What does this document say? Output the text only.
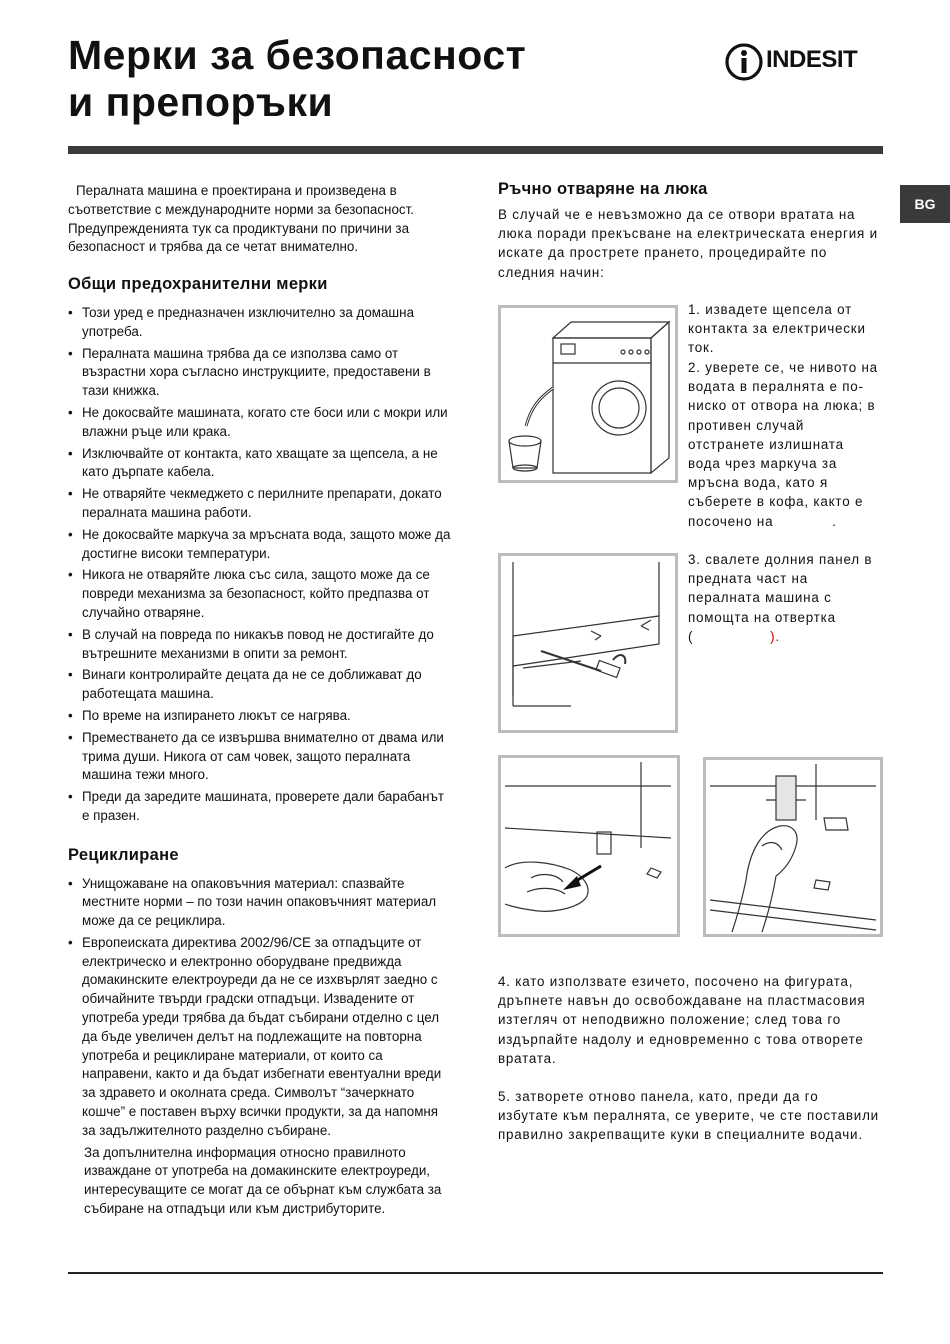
Мерки за безопасност
и препоръки
INDESIT
BG

Пералната машина е проектирана и произведена в съответствие с международните норми за безопасност. Предупрежденията тук са продиктувани по причини за безопасност и трябва да се четат внимателно.

Общи предохранителни мерки
• Този уред е предназначен изключително за домашна употреба.
• Пералната машина трябва да се използва само от възрастни хора съгласно инструкциите, предоставени в тази книжка.
• Не докосвайте машината, когато сте боси или с мокри или влажни ръце или крака.
• Изключвайте от контакта, като хващате за щепсела, а не като дърпате кабела.
• Не отваряйте чекмеджето с перилните препарати, докато пералната машина работи.
• Не докосвайте маркуча за мръсната вода, защото може да достигне високи температури.
• Никога не отваряйте люка със сила, защото може да се повреди механизма за безопасност, който предпазва от случайно отваряне.
• В случай на повреда по никакъв повод не достигайте до вътрешните механизми в опити за ремонт.
• Винаги контролирайте децата да не се доближават до работещата машина.
• По време на изпирането люкът се нагрява.
• Преместването да се извършва внимателно от двама или трима души. Никога от сам човек, защото пералната машина тежи много.
• Преди да заредите машината, проверете дали барабанът е празен.
Рециклиране
• Унищожаване на опаковъчния материал: спазвайте местните норми – по този начин опаковъчният материал може да се рециклира.
• Европеиската директива 2002/96/CE за отпадъците от електрическо и електронно оборудване предвижда домакинските електроуреди да не се изхвърлят заедно с обичайните твърди градски отпадъци. Извадените от употреба уреди трябва да бъдат събирани отделно с цел да бъде увеличен делът на подлежащите на повторна употреба и рециклиране материали, от които са направени, както и да бъдат избегнати евентуални вреди за здравето и околната среда. Символът “зачеркнато кошче” е поставен върху всички продукти, за да напомня за задължителното разделно събиране.

За допълнителна информация относно правилното изваждане от употреба на домакинските електроуреди, интересуващите се могат да се обърнат към службата за събиране на отпадъци или към дистрибуторите.

Ръчно отваряне на люка

В случай че е невъзможно да се отвори вратата на люка поради прекъсване на електрическата енергия и искате да прострете прането, процедирайте по следния начин:

1. извадете щепсела от контакта за електрически ток.

2. уверете се, че нивото на водата в пералнята е по-ниско от отвора на люка; в противен случай отстранете излишната вода чрез маркуча за мръсна вода, като я съберете в кофа, както е посочено на	.

3. свалете долния панел в предната част на пералната машина с помощта на отвертка
(	).

4. като използвате езичето, посочено на фигурата, дръпнете навън до освобождаване на пластмасовия изтегляч от неподвижно положение; след това го издърпайте надолу и едновременно с това отворете вратата.

5. затворете отново панела, като, преди да го избутате към пералнята, се уверите, че сте поставили правилно закрепващите куки в специалните водачи.
